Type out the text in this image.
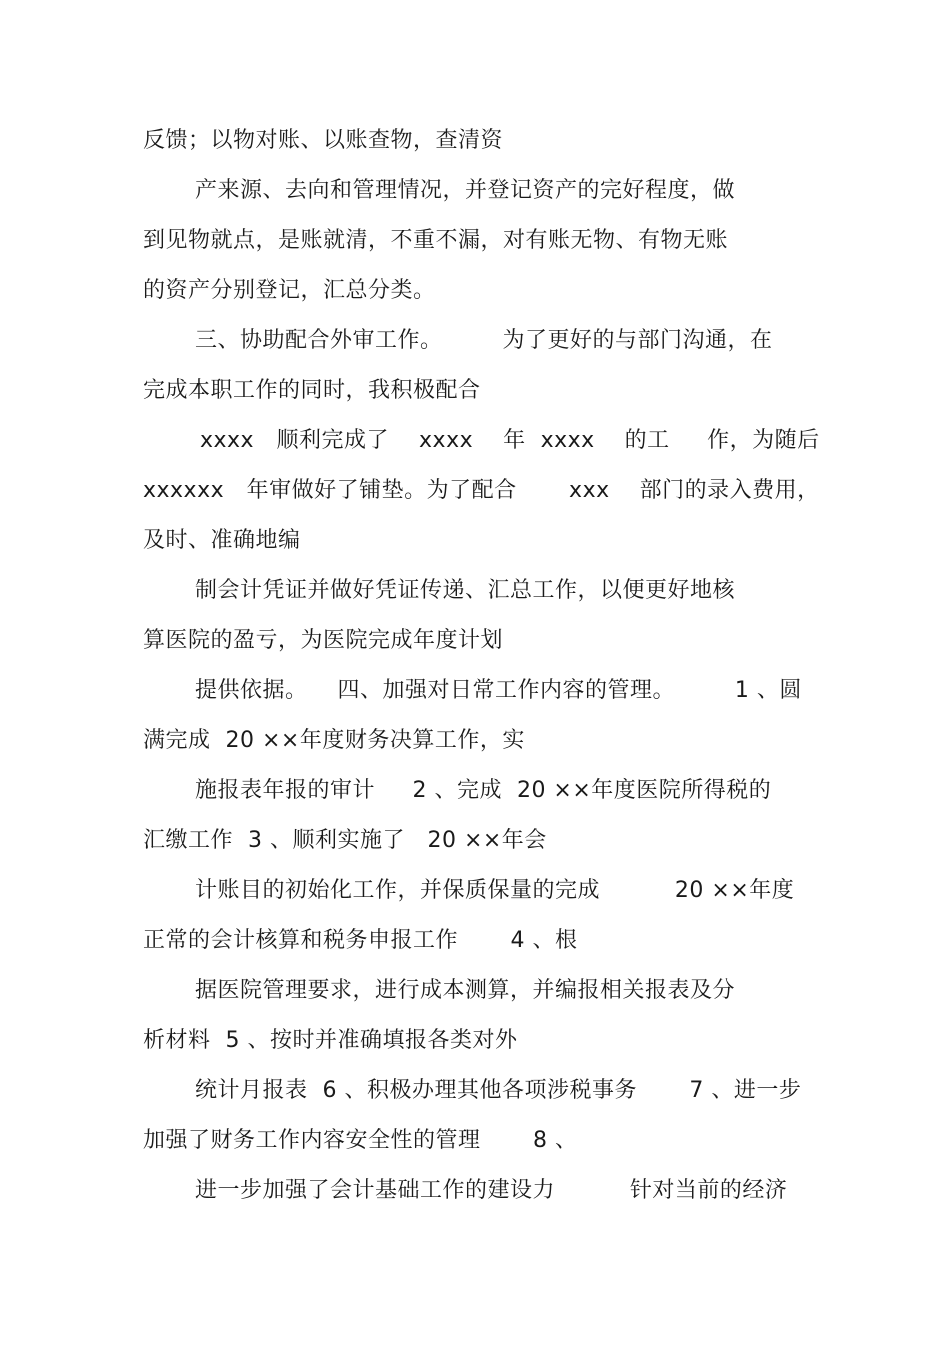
反馈；以物对账、以账查物，查清资
产来源、去向和管理情况，并登记资产的完好程度，做
到见物就点，是账就清，不重不漏，对有账无物、有物无账
的资产分别登记，汇总分类。
三、协助配合外审工作。        为了更好的与部门沟通，在
完成本职工作的同时，我积极配合
xxxx   顺利完成了    xxxx    年  xxxx    的工     作，为随后
xxxxxx   年审做好了铺垫。为了配合       xxx    部门的录入费用，
及时、准确地编
制会计凭证并做好凭证传递、汇总工作，以便更好地核
算医院的盈亏，为医院完成年度计划
提供依据。    四、加强对日常工作内容的管理。        1 、圆
满完成  20 ××年度财务决算工作，实
施报表年报的审计     2 、完成  20 ××年度医院所得税的
汇缴工作  3 、顺利实施了   20 ××年会
计账目的初始化工作，并保质保量的完成          20 ××年度
正常的会计核算和税务申报工作       4 、根
据医院管理要求，进行成本测算，并编报相关报表及分
析材料  5 、按时并准确填报各类对外
统计月报表  6 、积极办理其他各项涉税事务       7 、进一步
加强了财务工作内容安全性的管理       8 、
进一步加强了会计基础工作的建设力          针对当前的经济
